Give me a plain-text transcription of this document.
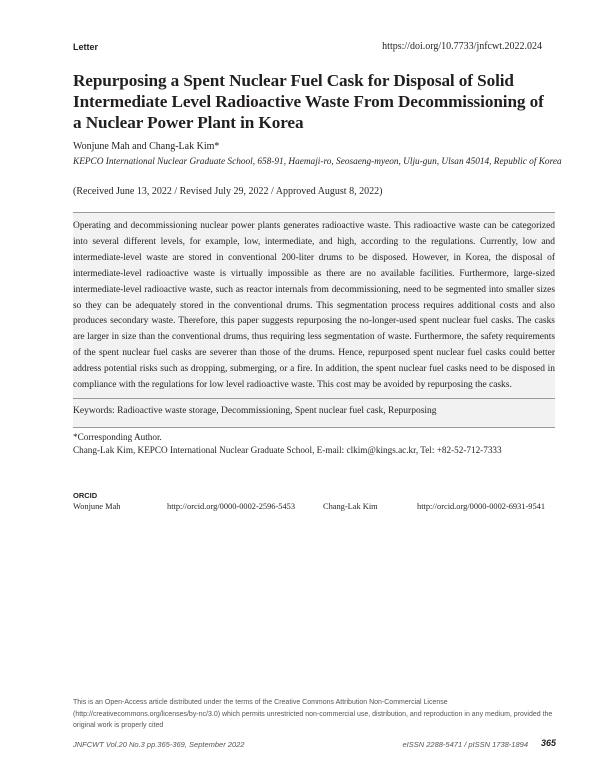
Letter	https://doi.org/10.7733/jnfcwt.2022.024
Repurposing a Spent Nuclear Fuel Cask for Disposal of Solid Intermediate Level Radioactive Waste From Decommissioning of a Nuclear Power Plant in Korea
Wonjune Mah and Chang-Lak Kim*
KEPCO International Nuclear Graduate School, 658-91, Haemaji-ro, Seosaeng-myeon, Ulju-gun, Ulsan 45014, Republic of Korea
(Received June 13, 2022 / Revised July 29, 2022 / Approved August 8, 2022)
Operating and decommissioning nuclear power plants generates radioactive waste. This radioactive waste can be categorized into several different levels, for example, low, intermediate, and high, according to the regulations. Currently, low and intermediate-level waste are stored in conventional 200-liter drums to be disposed. However, in Korea, the disposal of intermediate-level radioactive waste is virtually impossible as there are no available facilities. Furthermore, large-sized intermediate-level radioactive waste, such as reactor internals from decommissioning, need to be segmented into smaller sizes so they can be adequately stored in the conventional drums. This segmentation process requires additional costs and also produces secondary waste. Therefore, this paper suggests repurposing the no-longer-used spent nuclear fuel casks. The casks are larger in size than the conventional drums, thus requiring less segmentation of waste. Furthermore, the safety requirements of the spent nuclear fuel casks are severer than those of the drums. Hence, repurposed spent nuclear fuel casks could better address potential risks such as dropping, submerging, or a fire. In addition, the spent nuclear fuel casks need to be disposed in compliance with the regulations for low level radioactive waste. This cost may be avoided by repurposing the casks.
Keywords: Radioactive waste storage, Decommissioning, Spent nuclear fuel cask, Repurposing
*Corresponding Author.
Chang-Lak Kim, KEPCO International Nuclear Graduate School, E-mail: clkim@kings.ac.kr, Tel: +82-52-712-7333
ORCID
Wonjune Mah	http://orcid.org/0000-0002-2596-5453	Chang-Lak Kim	http://orcid.org/0000-0002-6931-9541
This is an Open-Access article distributed under the terms of the Creative Commons Attribution Non-Commercial License (http://creativecommons.org/licenses/by-nc/3.0) which permits unrestricted non-commercial use, distribution, and reproduction in any medium, provided the original work is properly cited
JNFCWT Vol.20 No.3 pp.365-369, September 2022	eISSN 2288-5471 / pISSN 1738-1894 365
